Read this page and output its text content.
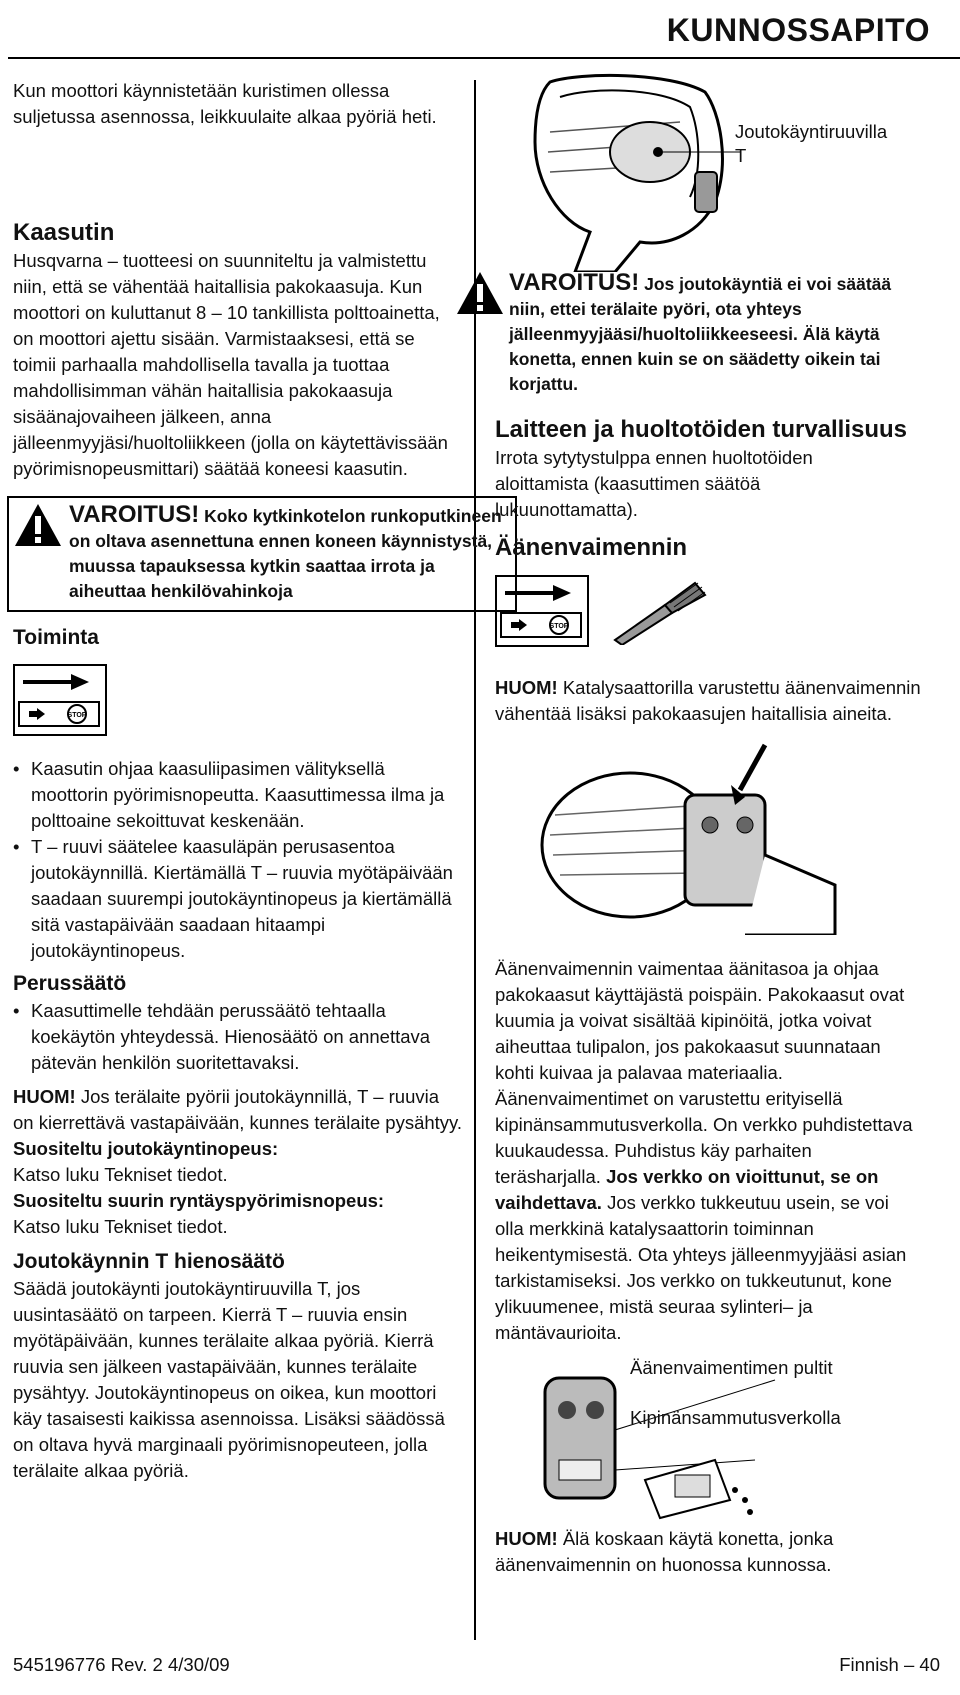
KUNNOSSAPITO

Kun moottori käynnistetään kuristimen ollessa suljetussa asennossa, leikkuulaite alkaa pyöriä heti.

Kaasutin

Husqvarna – tuotteesi on suunniteltu ja valmistettu niin, että se vähentää haitallisia pakokaasuja. Kun moottori on kuluttanut 8 – 10 tankillista polttoainetta, on moottori ajettu sisään. Varmistaaksesi, että se toimii parhaalla mahdollisella tavalla ja tuottaa mahdollisimman vähän haitallisia pakokaasuja sisäänajovaiheen jälkeen, anna jälleenmyyjäsi/huoltoliikkeen (jolla on käytettävissään pyörimisnopeusmittari) säätää koneesi kaasutin.

VAROITUS! Koko kytkinkotelon runkoputkineen on oltava asennettuna ennen koneen käynnistystä, muussa tapauksessa kytkin saattaa irrota ja aiheuttaa henkilövahinkoja
Toiminta
STOP
• Kaasutin ohjaa kaasuliipasimen välityksellä moottorin pyörimisnopeutta. Kaasuttimessa ilma ja polttoaine sekoittuvat keskenään.
• T – ruuvi säätelee kaasuläpän perusasentoa joutokäynnillä. Kiertämällä T – ruuvia myötäpäivään saadaan suurempi joutokäyntinopeus ja kiertämällä sitä vastapäivään saadaan hitaampi joutokäyntinopeus.
Perussäätö
• Kaasuttimelle tehdään perussäätö tehtaalla koekäytön yhteydessä. Hienosäätö on annettava pätevän henkilön suoritettavaksi.

HUOM! Jos terälaite pyörii joutokäynnillä, T – ruuvia on kierrettävä vastapäivään, kunnes terälaite pysähtyy.

Suositeltu joutokäyntinopeus:

Katso luku Tekniset tiedot.

Suositeltu suurin ryntäyspyörimisnopeus:

Katso luku Tekniset tiedot.

Joutokäynnin T hienosäätö

Säädä joutokäynti joutokäyntiruuvilla T, jos uusintasäätö on tarpeen. Kierrä T – ruuvia ensin myötäpäivään, kunnes terälaite alkaa pyöriä. Kierrä ruuvia sen jälkeen vastapäivään, kunnes terälaite pysähtyy. Joutokäyntinopeus on oikea, kun moottori käy tasaisesti kaikissa asennoissa. Lisäksi säädössä on oltava hyvä marginaali pyörimisnopeuteen, jolla terälaite alkaa pyöriä.

Joutokäyntiruuvilla T
VAROITUS! Jos joutokäyntiä ei voi säätää niin, ettei terälaite pyöri, ota yhteys jälleenmyyjääsi/huoltoliikkeeseesi. Älä käytä konetta, ennen kuin se on säädetty oikein tai korjattu.
Laitteen ja huoltotöiden turvallisuus

Irrota sytytystulppa ennen huoltotöiden aloittamista (kaasuttimen säätöä lukuunottamatta).

Äänenvaimennin
STOP

HUOM! Katalysaattorilla varustettu äänenvaimennin vähentää lisäksi pakokaasujen haitallisia aineita.

Äänenvaimennin vaimentaa äänitasoa ja ohjaa pakokaasut käyttäjästä poispäin. Pakokaasut ovat kuumia ja voivat sisältää kipinöitä, jotka voivat aiheuttaa tulipalon, jos pakokaasut suunnataan kohti kuivaa ja palavaa materiaalia.

Äänenvaimentimet on varustettu erityisellä kipinänsammutusverkolla. On verkko puhdistettava kuukaudessa. Puhdistus käy parhaiten teräsharjalla. Jos verkko on vioittunut, se on vaihdettava. Jos verkko tukkeutuu usein, se voi olla merkkinä katalysaattorin toiminnan heikentymisestä. Ota yhteys jälleenmyyjääsi asian tarkistamiseksi. Jos verkko on tukkeutunut, kone ylikuumenee, mistä seuraa sylinteri– ja mäntävaurioita.

Äänenvaimentimen pultit
Kipinänsammutusverkolla

HUOM! Älä koskaan käytä konetta, jonka äänenvaimennin on huonossa kunnossa.

545196776 Rev. 2 4/30/09	Finnish – 40
